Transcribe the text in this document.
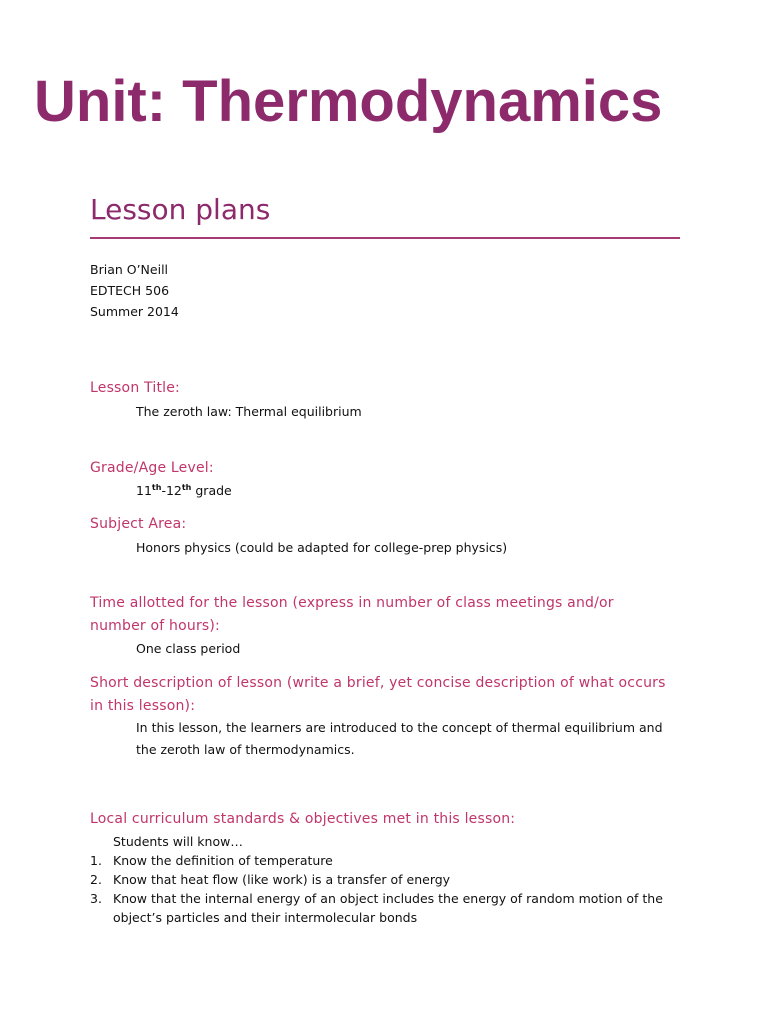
Unit: Thermodynamics
Lesson plans
Brian O’Neill
EDTECH 506
Summer 2014
Lesson Title:
The zeroth law: Thermal equilibrium
Grade/Age Level:
11th-12th grade
Subject Area:
Honors physics (could be adapted for college-prep physics)
Time allotted for the lesson (express in number of class meetings and/or number of hours):
One class period
Short description of lesson (write a brief, yet concise description of what occurs in this lesson):
In this lesson, the learners are introduced to the concept of thermal equilibrium and the zeroth law of thermodynamics.
Local curriculum standards & objectives met in this lesson:
Students will know…
1. Know the definition of temperature
2. Know that heat flow (like work) is a transfer of energy
3. Know that the internal energy of an object includes the energy of random motion of the object’s particles and their intermolecular bonds
